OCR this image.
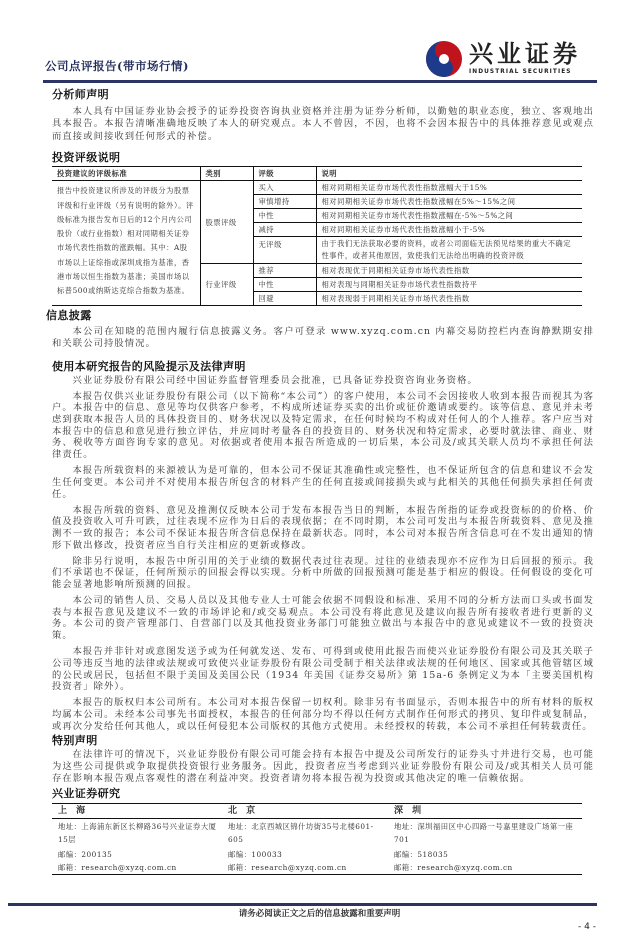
公司点评报告(带市场行情)	兴业证券
INDUSTRIAL SECURITIES
分析师声明

本人具有中国证券业协会授予的证券投资咨询执业资格并注册为证券分析师，以勤勉的职业态度，独立、客观地出具本报告。本报告清晰准确地反映了本人的研究观点。本人不曾因，不因，也将不会因本报告中的具体推荐意见或观点而直接或间接收到任何形式的补偿。

投资评级说明
投资建议的评级标准	类别	评级	说明
报告中投资建议所涉及的评级分为股票评级和行业评级（另有说明的除外）。评级标准为报告发布日后的12个月内公司股价（或行业指数）相对同期相关证券市场代表性指数的涨跌幅。其中：A股市场以上证综指或深圳成指为基准，香港市场以恒生指数为基准；美国市场以标普500或纳斯达克综合指数为基准。	股票评级	买入	相对同期相关证券市场代表性指数涨幅大于15%
		审慎增持	相对同期相关证券市场代表性指数涨幅在5%～15%之间
		中性	相对同期相关证券市场代表性指数涨幅在-5%～5%之间
		减持	相对同期相关证券市场代表性指数涨幅小于-5%
		无评级	由于我们无法获取必要的资料，或者公司面临无法预见结果的重大不确定性事件，或者其他原因，致使我们无法给出明确的投资评级
	行业评级	推荐	相对表现优于同期相关证券市场代表性指数
		中性	相对表现与同期相关证券市场代表性指数持平
		回避	相对表现弱于同期相关证券市场代表性指数
信息披露

本公司在知晓的范围内履行信息披露义务。客户可登录 www.xyzq.com.cn 内幕交易防控栏内查询静默期安排和关联公司持股情况。

使用本研究报告的风险提示及法律声明

兴业证券股份有限公司经中国证券监督管理委员会批准，已具备证券投资咨询业务资格。

本报告仅供兴业证券股份有限公司（以下简称“本公司”）的客户使用，本公司不会因接收人收到本报告而视其为客户。本报告中的信息、意见等均仅供客户参考，不构成所述证券买卖的出价或征价邀请或要约。该等信息、意见并未考虑到获取本报告人员的具体投资目的、财务状况以及特定需求，在任何时候均不构成对任何人的个人推荐。客户应当对本报告中的信息和意见进行独立评估，并应同时考量各自的投资目的、财务状况和特定需求，必要时就法律、商业、财务、税收等方面咨询专家的意见。对依据或者使用本报告所造成的一切后果，本公司及/或其关联人员均不承担任何法律责任。

本报告所载资料的来源被认为是可靠的，但本公司不保证其准确性或完整性，也不保证所包含的信息和建议不会发生任何变更。本公司并不对使用本报告所包含的材料产生的任何直接或间接损失或与此相关的其他任何损失承担任何责任。

本报告所载的资料、意见及推测仅反映本公司于发布本报告当日的判断，本报告所指的证券或投资标的的价格、价值及投资收入可升可跌，过往表现不应作为日后的表现依据；在不同时期，本公司可发出与本报告所载资料、意见及推测不一致的报告；本公司不保证本报告所含信息保持在最新状态。同时，本公司对本报告所含信息可在不发出通知的情形下做出修改，投资者应当自行关注相应的更新或修改。

除非另行说明，本报告中所引用的关于业绩的数据代表过往表现。过往的业绩表现亦不应作为日后回报的预示。我们不承诺也不保证，任何所预示的回报会得以实现。分析中所做的回报预测可能是基于相应的假设。任何假设的变化可能会显著地影响所预测的回报。

本公司的销售人员、交易人员以及其他专业人士可能会依据不同假设和标准、采用不同的分析方法而口头或书面发表与本报告意见及建议不一致的市场评论和/或交易观点。本公司没有将此意见及建议向报告所有接收者进行更新的义务。本公司的资产管理部门、自营部门以及其他投资业务部门可能独立做出与本报告中的意见或建议不一致的投资决策。

本报告并非针对或意图发送予或为任何就发送、发布、可得到或使用此报告而使兴业证券股份有限公司及其关联子公司等违反当地的法律或法规或可致使兴业证券股份有限公司受制于相关法律或法规的任何地区、国家或其他管辖区域的公民或居民，包括但不限于美国及美国公民（1934 年美国《证券交易所》第 15a-6 条例定义为本「主要美国机构投资者」除外）。

本报告的版权归本公司所有。本公司对本报告保留一切权利。除非另有书面显示，否则本报告中的所有材料的版权均属本公司。未经本公司事先书面授权，本报告的任何部分均不得以任何方式制作任何形式的拷贝、复印件或复制品，或再次分发给任何其他人，或以任何侵犯本公司版权的其他方式使用。未经授权的转载，本公司不承担任何转载责任。

特别声明

在法律许可的情况下，兴业证券股份有限公司可能会持有本报告中提及公司所发行的证券头寸并进行交易，也可能为这些公司提供或争取提供投资银行业务服务。因此，投资者应当考虑到兴业证券股份有限公司及/或其相关人员可能存在影响本报告观点客观性的潜在利益冲突。投资者请勿将本报告视为投资或其他决定的唯一信赖依据。

兴业证券研究
上 海	北 京	深 圳
地址：上海浦东新区长柳路36号兴业证券大厦15层	地址：北京西城区锦什坊街35号北楼601-605	地址：深圳福田区中心四路一号嘉里建设广场第一座701
邮编：200135	邮编：100033	邮编：518035
邮箱：research@xyzq.com.cn	邮箱：research@xyzq.com.cn	邮箱：research@xyzq.com.cn
请务必阅读正文之后的信息披露和重要声明
- 4 -
